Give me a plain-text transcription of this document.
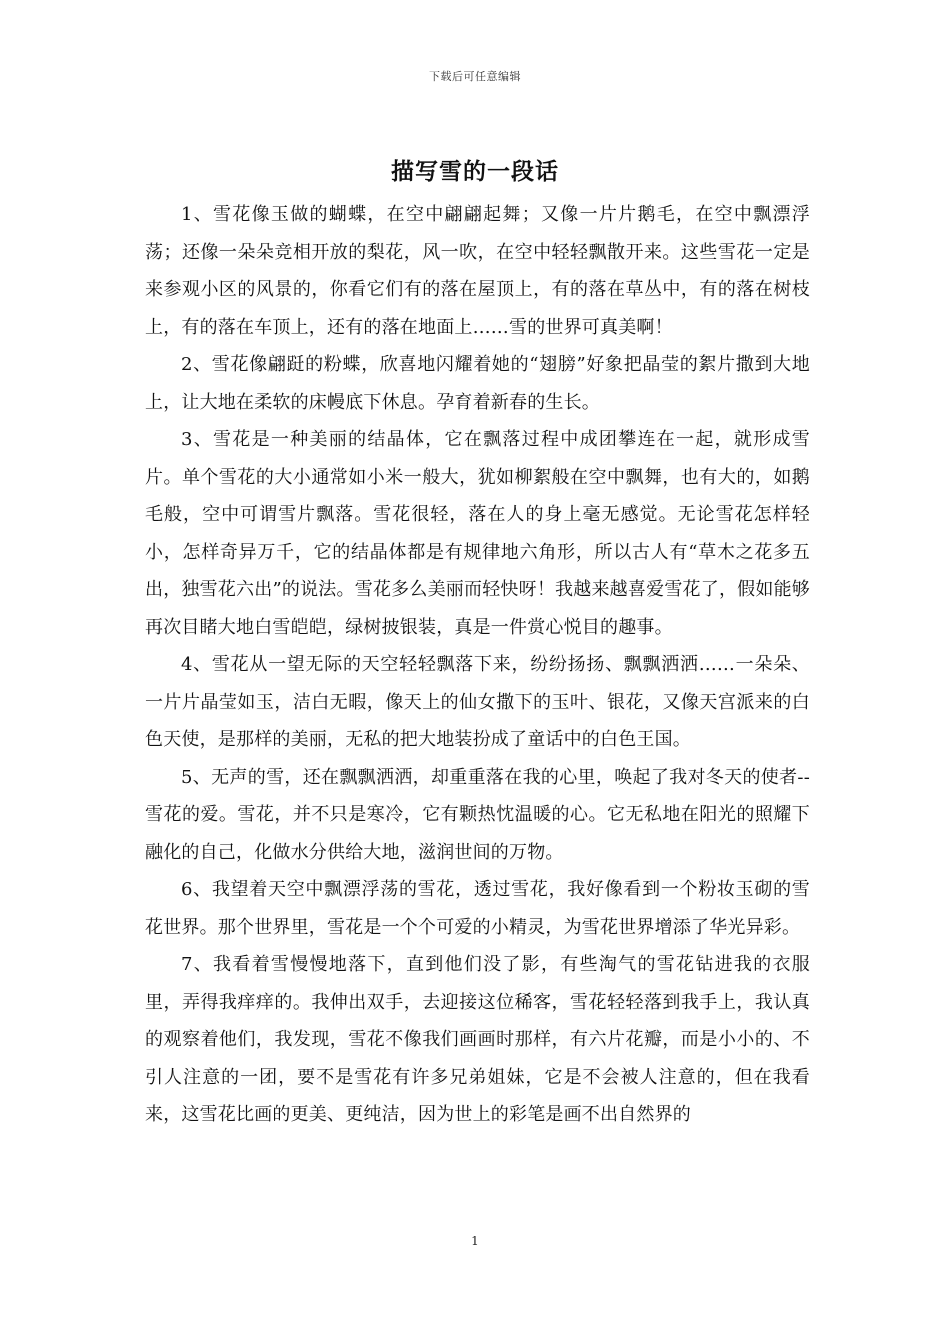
下载后可任意编辑
描写雪的一段话

1、雪花像玉做的蝴蝶，在空中翩翩起舞；又像一片片鹅毛，在空中飘漂浮荡；还像一朵朵竞相开放的梨花，风一吹，在空中轻轻飘散开来。这些雪花一定是来参观小区的风景的，你看它们有的落在屋顶上，有的落在草丛中，有的落在树枝上，有的落在车顶上，还有的落在地面上……雪的世界可真美啊！

2、雪花像翩跹的粉蝶，欣喜地闪耀着她的“翅膀”好象把晶莹的絮片撒到大地上，让大地在柔软的床幔底下休息。孕育着新春的生长。

3、雪花是一种美丽的结晶体，它在飘落过程中成团攀连在一起，就形成雪片。单个雪花的大小通常如小米一般大，犹如柳絮般在空中飘舞，也有大的，如鹅毛般，空中可谓雪片飘落。雪花很轻，落在人的身上毫无感觉。无论雪花怎样轻小，怎样奇异万千，它的结晶体都是有规律地六角形，所以古人有“草木之花多五出，独雪花六出”的说法。雪花多么美丽而轻快呀！我越来越喜爱雪花了，假如能够再次目睹大地白雪皑皑，绿树披银装，真是一件赏心悦目的趣事。

4、雪花从一望无际的天空轻轻飘落下来，纷纷扬扬、飘飘洒洒……一朵朵、一片片晶莹如玉，洁白无暇，像天上的仙女撒下的玉叶、银花，又像天宫派来的白色天使，是那样的美丽，无私的把大地装扮成了童话中的白色王国。

5、无声的雪，还在飘飘洒洒，却重重落在我的心里，唤起了我对冬天的使者--雪花的爱。雪花，并不只是寒冷，它有颗热忱温暖的心。它无私地在阳光的照耀下融化的自己，化做水分供给大地，滋润世间的万物。

6、我望着天空中飘漂浮荡的雪花，透过雪花，我好像看到一个粉妆玉砌的雪花世界。那个世界里，雪花是一个个可爱的小精灵，为雪花世界增添了华光异彩。

7、我看着雪慢慢地落下，直到他们没了影，有些淘气的雪花钻进我的衣服里，弄得我痒痒的。我伸出双手，去迎接这位稀客，雪花轻轻落到我手上，我认真的观察着他们，我发现，雪花不像我们画画时那样，有六片花瓣，而是小小的、不引人注意的一团，要不是雪花有许多兄弟姐妹，它是不会被人注意的，但在我看来，这雪花比画的更美、更纯洁，因为世上的彩笔是画不出自然界的

1
